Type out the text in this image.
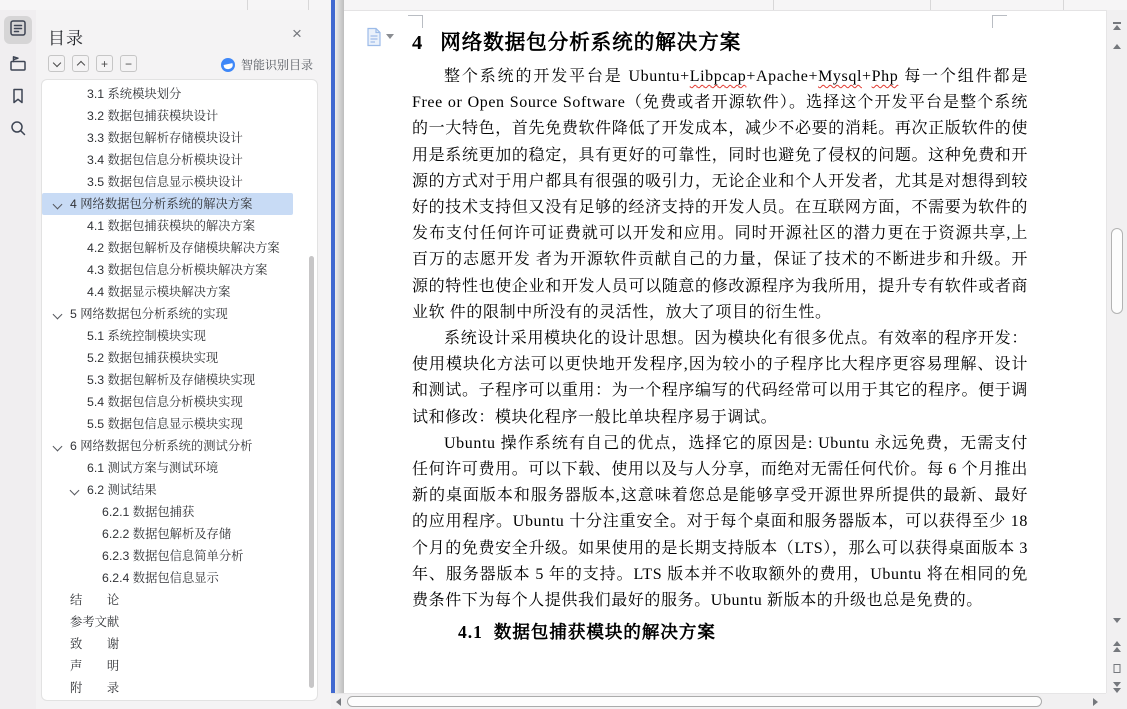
目录	×
+ −	智能识别目录
3.1 系统模块划分
3.2 数据包捕获模块设计
3.3 数据包解析存储模块设计
3.4 数据包信息分析模块设计
3.5 数据包信息显示模块设计
4 网络数据包分析系统的解决方案
4.1 数据包捕获模块的解决方案
4.2 数据包解析及存储模块解决方案
4.3 数据包信息分析模块解决方案
4.4 数据显示模块解决方案
5 网络数据包分析系统的实现
5.1 系统控制模块实现
5.2 数据包捕获模块实现
5.3 数据包解析及存储模块实现
5.4 数据包信息分析模块实现
5.5 数据包信息显示模块实现
6 网络数据包分析系统的测试分析
6.1 测试方案与测试环境
6.2 测试结果
6.2.1 数据包捕获
6.2.2 数据包解析及存储
6.2.3 数据包信息简单分析
6.2.4 数据包信息显示
结　　论
参考文献
致　　谢
声　　明
附　　录
4 网络数据包分析系统的解决方案

整个系统的开发平台是 Ubuntu+Libpcap+Apache+Mysql+Php 每一个组件都是 Free or Open Source Software（免费或者开源软件）。选择这个开发平台是整个系统的一大特色，首先免费软件降低了开发成本，减少不必要的消耗。再次正版软件的使用是系统更加的稳定，具有更好的可靠性，同时也避免了侵权的问题。这种免费和开源的方式对于用户都具有很强的吸引力，无论企业和个人开发者，尤其是对想得到较好的技术支持但又没有足够的经济支持的开发人员。在互联网方面，不需要为软件的发布支付任何许可证费就可以开发和应用。同时开源社区的潜力更在于资源共享,上百万的志愿开发 者为开源软件贡献自己的力量，保证了技术的不断进步和升级。开源的特性也使企业和开发人员可以随意的修改源程序为我所用，提升专有软件或者商业软 件的限制中所没有的灵活性，放大了项目的衍生性。

系统设计采用模块化的设计思想。因为模块化有很多优点。有效率的程序开发：使用模块化方法可以更快地开发程序,因为较小的子程序比大程序更容易理解、设计和测试。子程序可以重用：为一个程序编写的代码经常可以用于其它的程序。便于调试和修改：模块化程序一般比单块程序易于调试。

Ubuntu 操作系统有自己的优点，选择它的原因是: Ubuntu 永远免费，无需支付任何许可费用。可以下载、使用以及与人分享，而绝对无需任何代价。每 6 个月推出新的桌面版本和服务器版本,这意味着您总是能够享受开源世界所提供的最新、最好的应用程序。Ubuntu 十分注重安全。对于每个桌面和服务器版本，可以获得至少 18 个月的免费安全升级。如果使用的是长期支持版本（LTS），那么可以获得桌面版本 3 年、服务器版本 5 年的支持。LTS 版本并不收取额外的费用，Ubuntu 将在相同的免费条件下为每个人提供我们最好的服务。Ubuntu 新版本的升级也总是免费的。

4.1 数据包捕获模块的解决方案
